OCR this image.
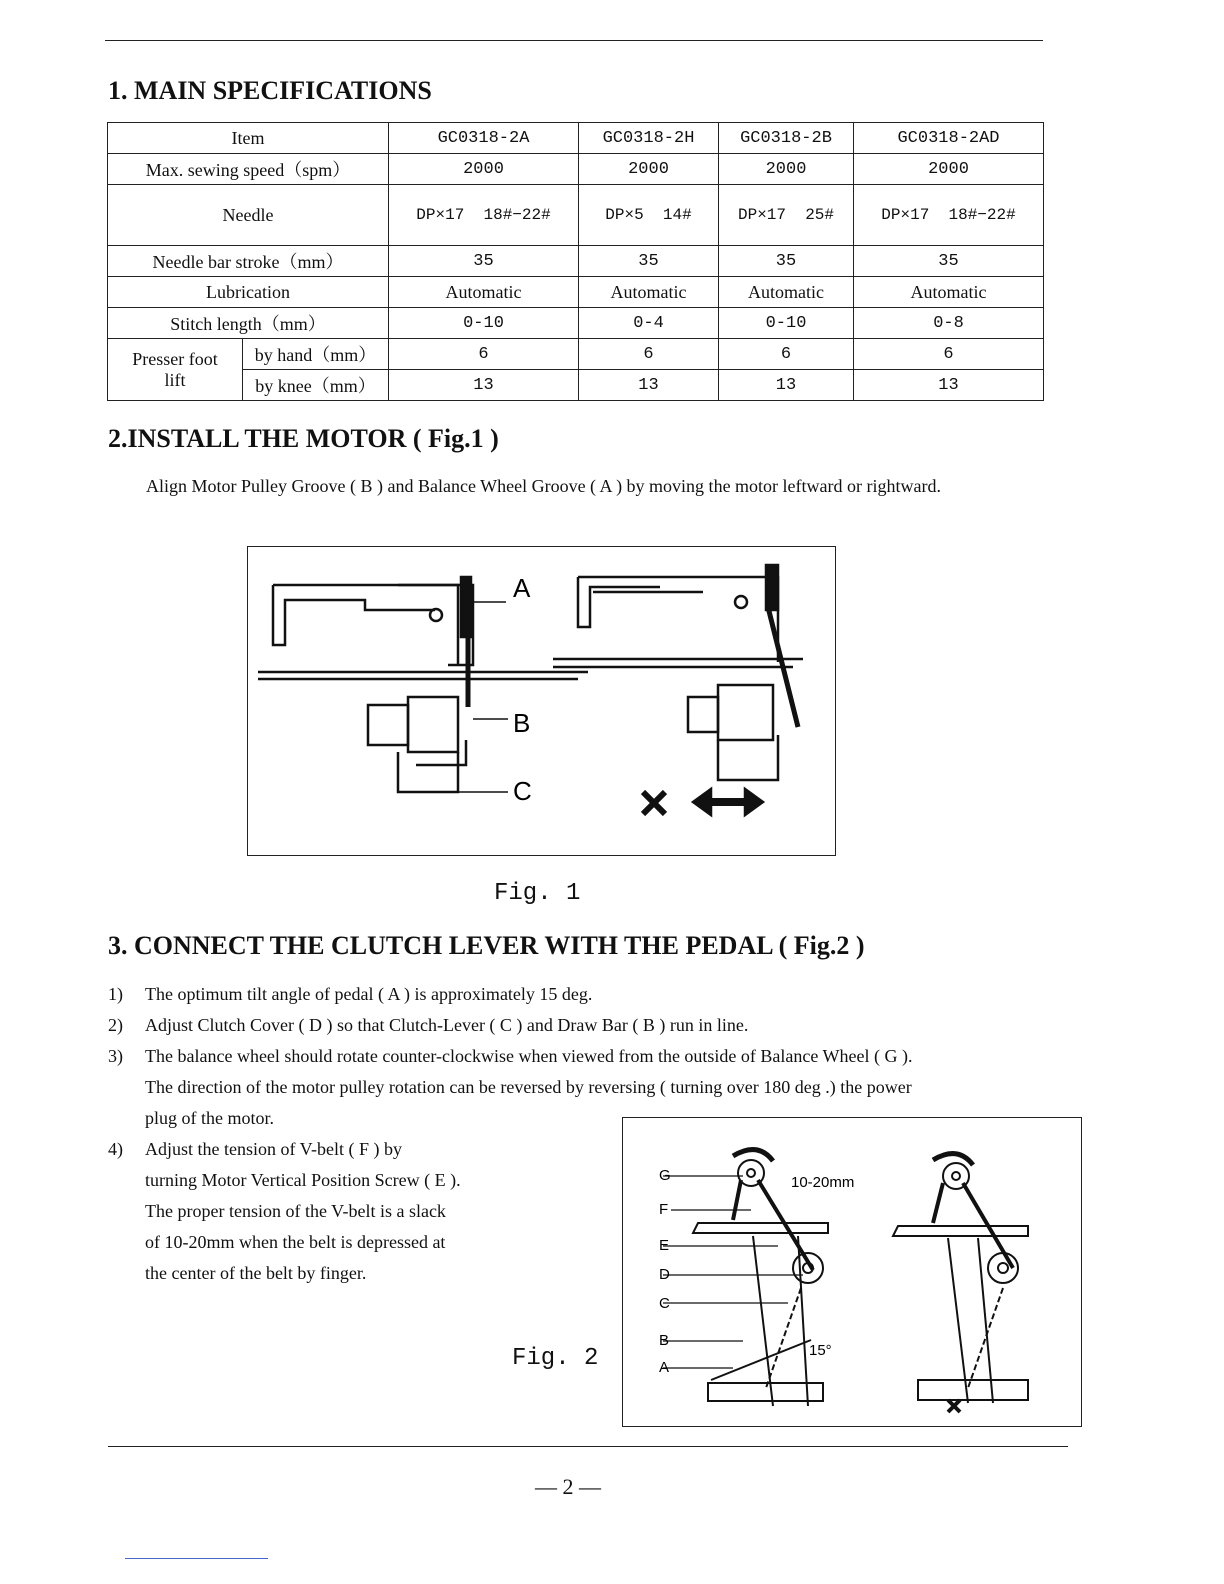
1. MAIN SPECIFICATIONS
Item		GC0318-2A	GC0318-2H	GC0318-2B	GC0318-2AD
Max. sewing speed（spm）		2000	2000	2000	2000
Needle		DP×17  18#−22#	DP×5  14#	DP×17  25#	DP×17  18#−22#
Needle bar stroke（mm）		35	35	35	35
Lubrication		Automatic	Automatic	Automatic	Automatic
Stitch length（mm）		0-10	0-4	0-10	0-8
Presser foot
lift	by hand（mm）	6	6	6	6
	by knee（mm）	13	13	13	13
2.INSTALL THE MOTOR ( Fig.1 )
Align Motor Pulley Groove ( B ) and Balance Wheel Groove ( A ) by moving the motor leftward or rightward.
A
B
C
Fig. 1
3. CONNECT THE CLUTCH LEVER WITH THE PEDAL ( Fig.2 )
1) The optimum tilt angle of pedal ( A ) is approximately 15 deg.
2) Adjust Clutch Cover ( D ) so that Clutch-Lever ( C ) and Draw Bar ( B ) run in line.
3) The balance wheel should rotate counter-clockwise when viewed from the outside of Balance Wheel ( G ).
The direction of the motor pulley rotation can be reversed by reversing ( turning over 180 deg .) the power
plug of the motor.
4) Adjust the tension of V-belt ( F ) by
turning Motor Vertical Position Screw ( E ).
The proper tension of the V-belt is a slack
of 10-20mm when the belt is depressed at
the center of the belt by finger.
G
F
E
D
C
B
A
10-20mm
15°
Fig. 2
— 2 —
